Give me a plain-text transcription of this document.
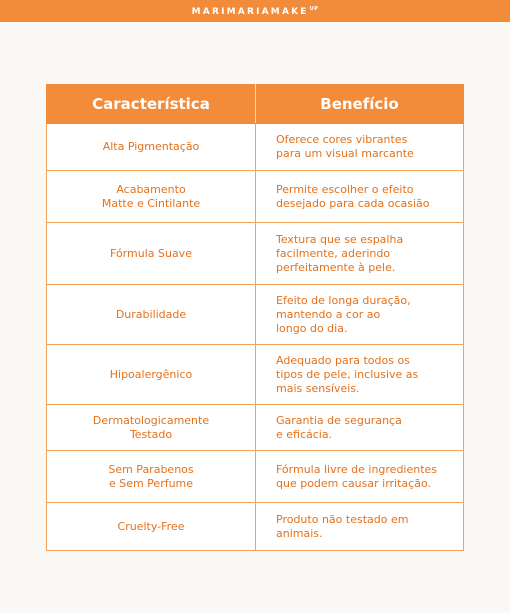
$MARIMARIAMAKE^{UP}$
Característica	Benefício

Alta Pigmentação	Oferece cores vibrantes
para um visual marcante

Acabamento
Matte e Cintilante	Permite escolher o efeito
desejado para cada ocasião

Fórmula Suave	Textura que se espalha
facilmente, aderindo
perfeitamente à pele.

Durabilidade	Efeito de longa duração,
mantendo a cor ao
longo do dia.

Hipoalergênico	Adequado para todos os
tipos de pele, inclusive as
mais sensíveis.

Dermatologicamente
Testado	Garantia de segurança
e eficácia.

Sem Parabenos
e Sem Perfume	Fórmula livre de ingredientes
que podem causar irritação.

Cruelty-Free	Produto não testado em
animais.
